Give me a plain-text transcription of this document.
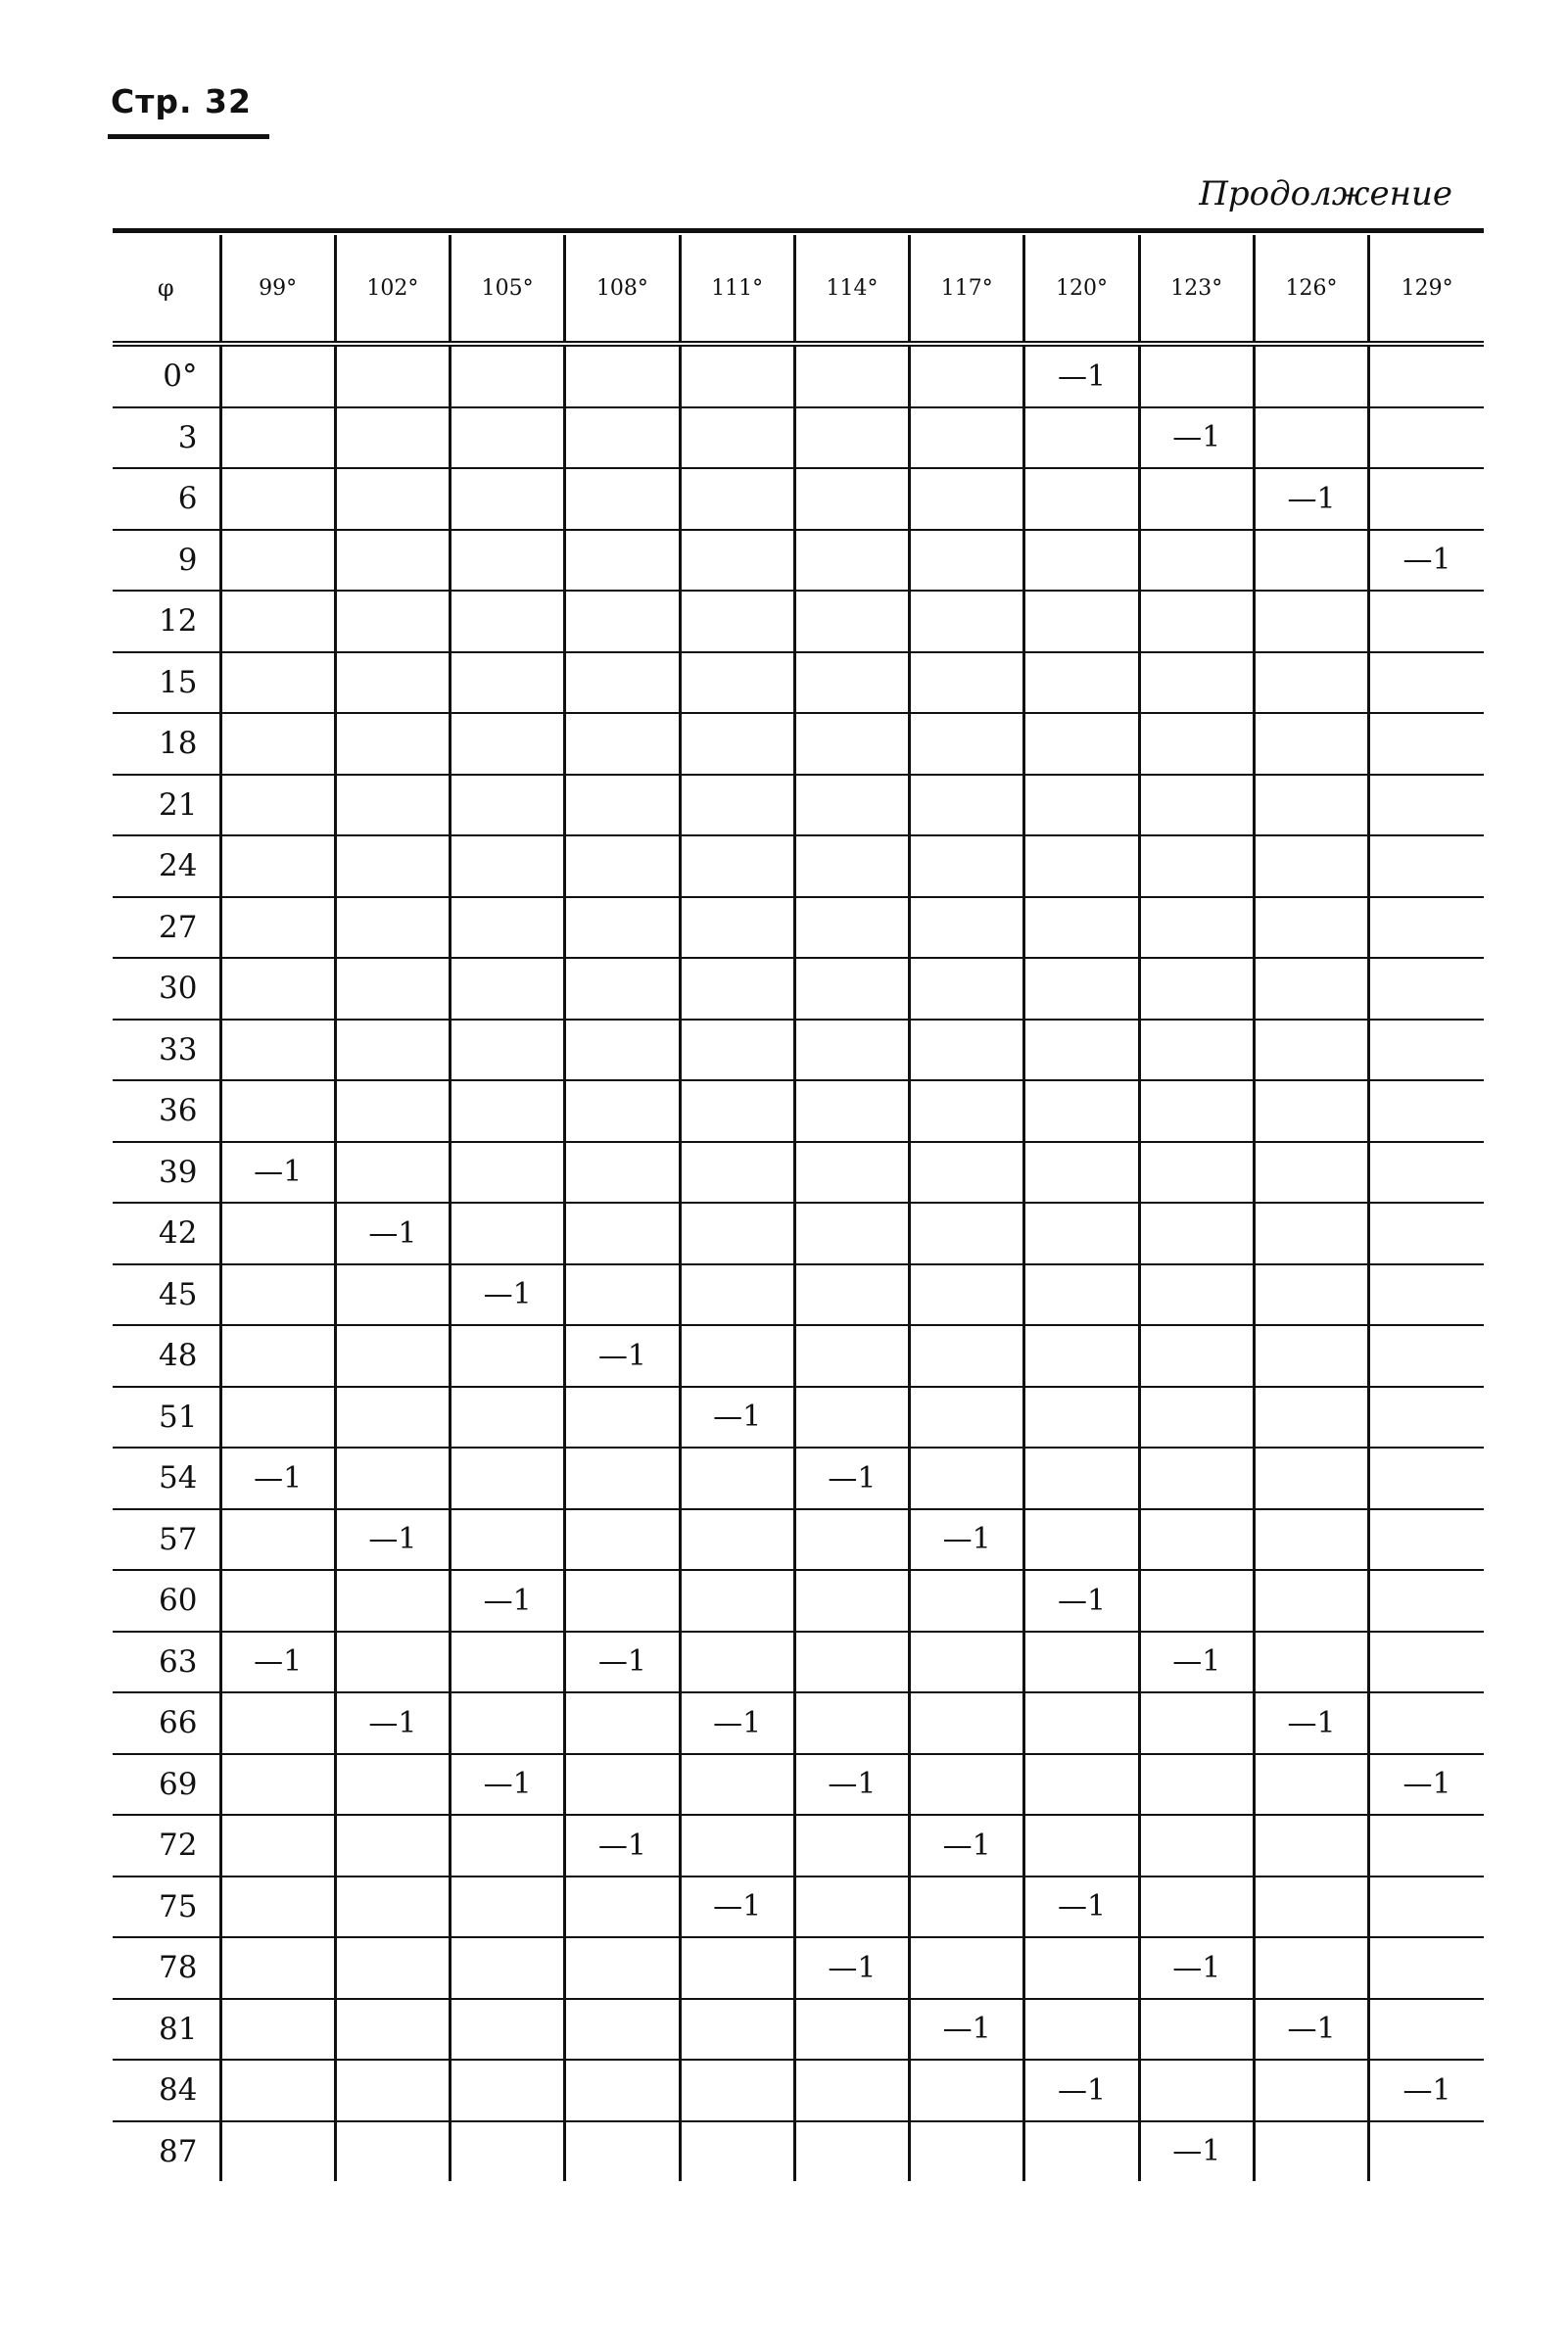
Стр. 32
Продолжение
φ	99°	102°	105°	108°	111°	114°	117°	120°	123°	126°	129°
0°								—1			
3									—1		
6										—1	
9											—1
12											
15											
18											
21											
24											
27											
30											
33											
36											
39	—1										
42		—1									
45			—1								
48				—1							
51					—1						
54	—1					—1					
57		—1					—1				
60			—1					—1			
63	—1			—1					—1		
66		—1			—1					—1	
69			—1			—1					—1
72				—1			—1				
75					—1			—1			
78						—1			—1		
81							—1			—1	
84								—1			—1
87									—1		
